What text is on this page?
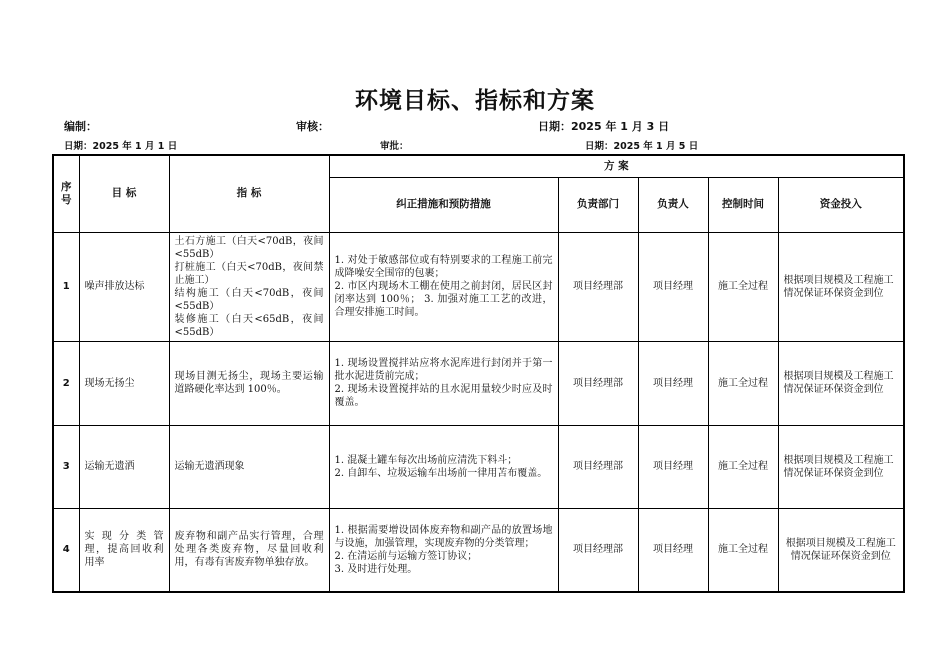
环境目标、指标和方案
编制：	审核：	日期：2025 年 1 月 3 日
日期：2025 年 1 月 1 日	审批：	日期：2025 年 1 月 5 日
序
号	目 标	指 标	方 案				
			纠正措施和预防措施	负责部门	负责人	控制时间	资金投入
1	噪声排放达标	土石方施工（白天<70dB，夜间<55dB）
打桩施工（白天<70dB，夜间禁止施工）
结构施工（白天<70dB，夜间<55dB）
装修施工（白天<65dB，夜间<55dB）	1. 对处于敏感部位或有特别要求的工程施工前完成降噪安全围帘的包裹；
2. 市区内现场木工棚在使用之前封闭，居民区封闭率达到 100％； 3. 加强对施工工艺的改进，合理安排施工时间。	项目经理部	项目经理	施工全过程	根据项目规模及工程施工情况保证环保资金到位
2	现场无扬尘	现场目测无扬尘，现场主要运输道路硬化率达到 100％。	1. 现场设置搅拌站应将水泥库进行封闭并于第一批水泥进货前完成；
2. 现场未设置搅拌站的且水泥用量较少时应及时覆盖。	项目经理部	项目经理	施工全过程	根据项目规模及工程施工情况保证环保资金到位
3	运输无遗洒	运输无遗洒现象	1. 混凝土罐车每次出场前应清洗下料斗；
2. 自卸车、垃圾运输车出场前一律用苫布覆盖。	项目经理部	项目经理	施工全过程	根据项目规模及工程施工情况保证环保资金到位
4	实 现 分 类 管理，提高回收利用率	废弃物和副产品实行管理，合理处理各类废弃物，尽量回收利用，有毒有害废弃物单独存放。	1. 根据需要增设固体废弃物和副产品的放置场地与设施，加强管理，实现废弃物的分类管理；
2. 在清运前与运输方签订协议；
3. 及时进行处理。	项目经理部	项目经理	施工全过程	根据项目规模及工程施工情况保证环保资金到位
